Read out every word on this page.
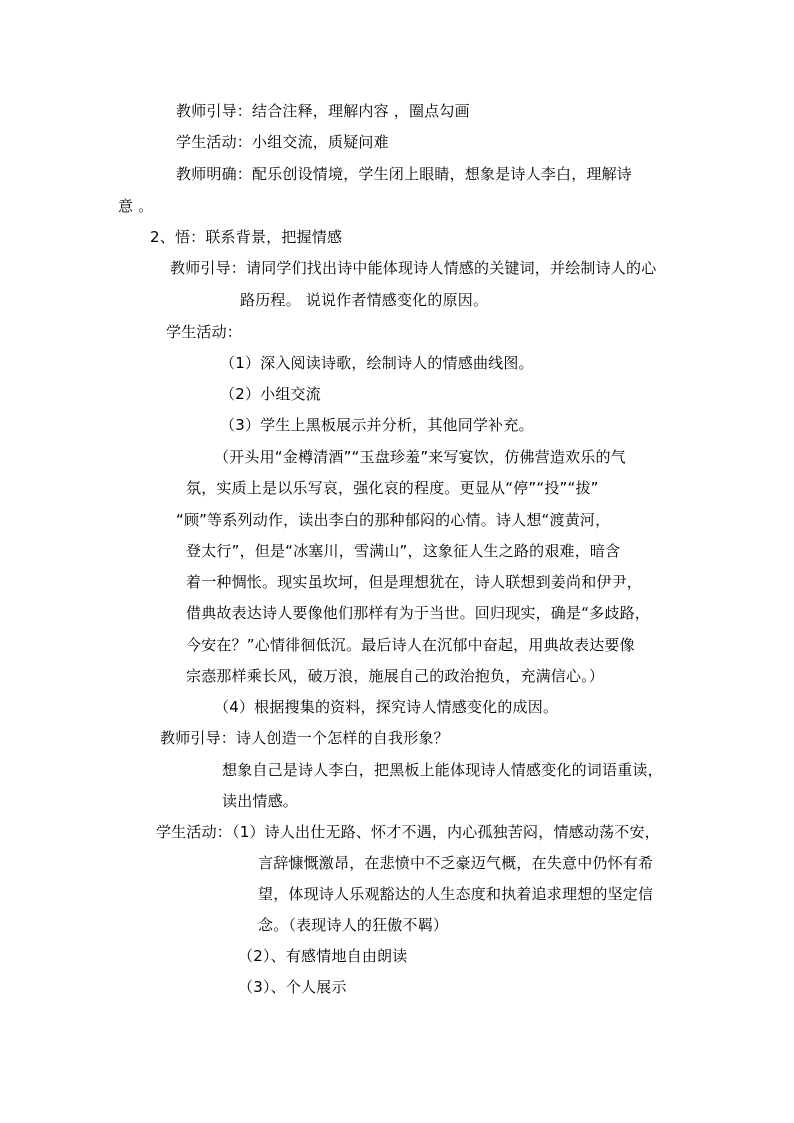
教师引导：结合注释，理解内容 ，圈点勾画
学生活动：小组交流，质疑问难
教师明确：配乐创设情境，学生闭上眼睛，想象是诗人李白，理解诗
意 。
2、悟：联系背景，把握情感
教师引导：请同学们找出诗中能体现诗人情感的关键词，并绘制诗人的心
路历程。 说说作者情感变化的原因。
学生活动：
（1）深入阅读诗歌，绘制诗人的情感曲线图。
（2）小组交流
（3）学生上黑板展示并分析，其他同学补充。
（开头用“金樽清酒”“玉盘珍羞”来写宴饮，仿佛营造欢乐的气
氛，实质上是以乐写哀，强化哀的程度。更显从“停”“投”“拔”
“顾”等系列动作，读出李白的那种郁闷的心情。诗人想“渡黄河，
登太行”，但是“冰塞川，雪满山”，这象征人生之路的艰难，暗含
着一种惆怅。现实虽坎坷，但是理想犹在，诗人联想到姜尚和伊尹，
借典故表达诗人要像他们那样有为于当世。回归现实，确是“多歧路，
今安在？”心情徘徊低沉。最后诗人在沉郁中奋起，用典故表达要像
宗悫那样乘长风，破万浪，施展自己的政治抱负，充满信心。）
（4）根据搜集的资料，探究诗人情感变化的成因。
教师引导：诗人创造一个怎样的自我形象？
想象自己是诗人李白，把黑板上能体现诗人情感变化的词语重读，
读出情感。
学生活动：（1）诗人出仕无路、怀才不遇，内心孤独苦闷，情感动荡不安，
言辞慷慨激昂，在悲愤中不乏豪迈气概，在失意中仍怀有希
望，体现诗人乐观豁达的人生态度和执着追求理想的坚定信
念。（表现诗人的狂傲不羁）
（2）、有感情地自由朗读
（3）、个人展示
